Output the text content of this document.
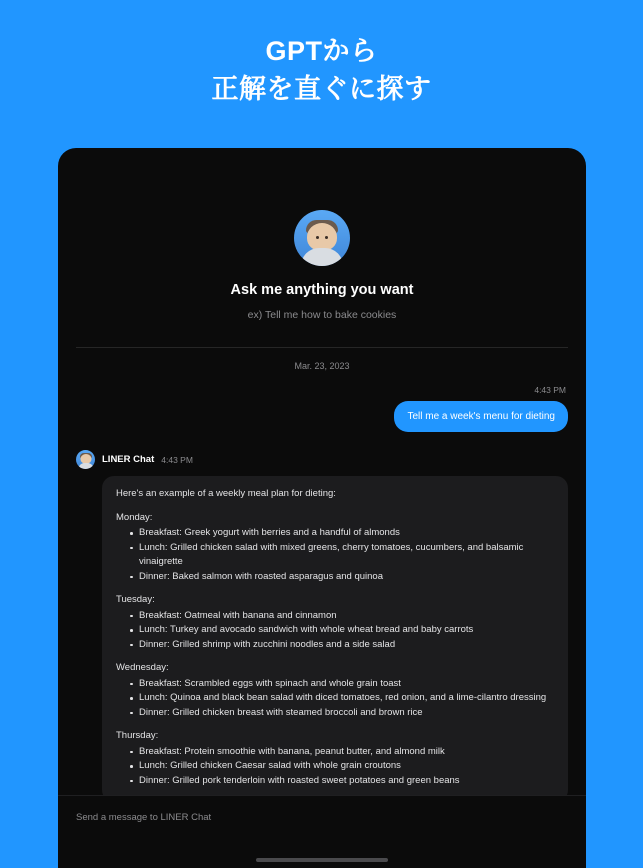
GPTから
正解を直ぐに探す
Ask me anything you want
ex) Tell me how to bake cookies
Mar. 23, 2023
4:43 PM
Tell me a week's menu for dieting
LINER Chat 4:43 PM

Here's an example of a weekly meal plan for dieting:

Monday:

Breakfast: Greek yogurt with berries and a handful of almonds
Lunch: Grilled chicken salad with mixed greens, cherry tomatoes, cucumbers, and balsamic vinaigrette
Dinner: Baked salmon with roasted asparagus and quinoa

Tuesday:

Breakfast: Oatmeal with banana and cinnamon
Lunch: Turkey and avocado sandwich with whole wheat bread and baby carrots
Dinner: Grilled shrimp with zucchini noodles and a side salad

Wednesday:

Breakfast: Scrambled eggs with spinach and whole grain toast
Lunch: Quinoa and black bean salad with diced tomatoes, red onion, and a lime-cilantro dressing
Dinner: Grilled chicken breast with steamed broccoli and brown rice

Thursday:

Breakfast: Protein smoothie with banana, peanut butter, and almond milk
Lunch: Grilled chicken Caesar salad with whole grain croutons
Dinner: Grilled pork tenderloin with roasted sweet potatoes and green beans
Send a message to LINER Chat
